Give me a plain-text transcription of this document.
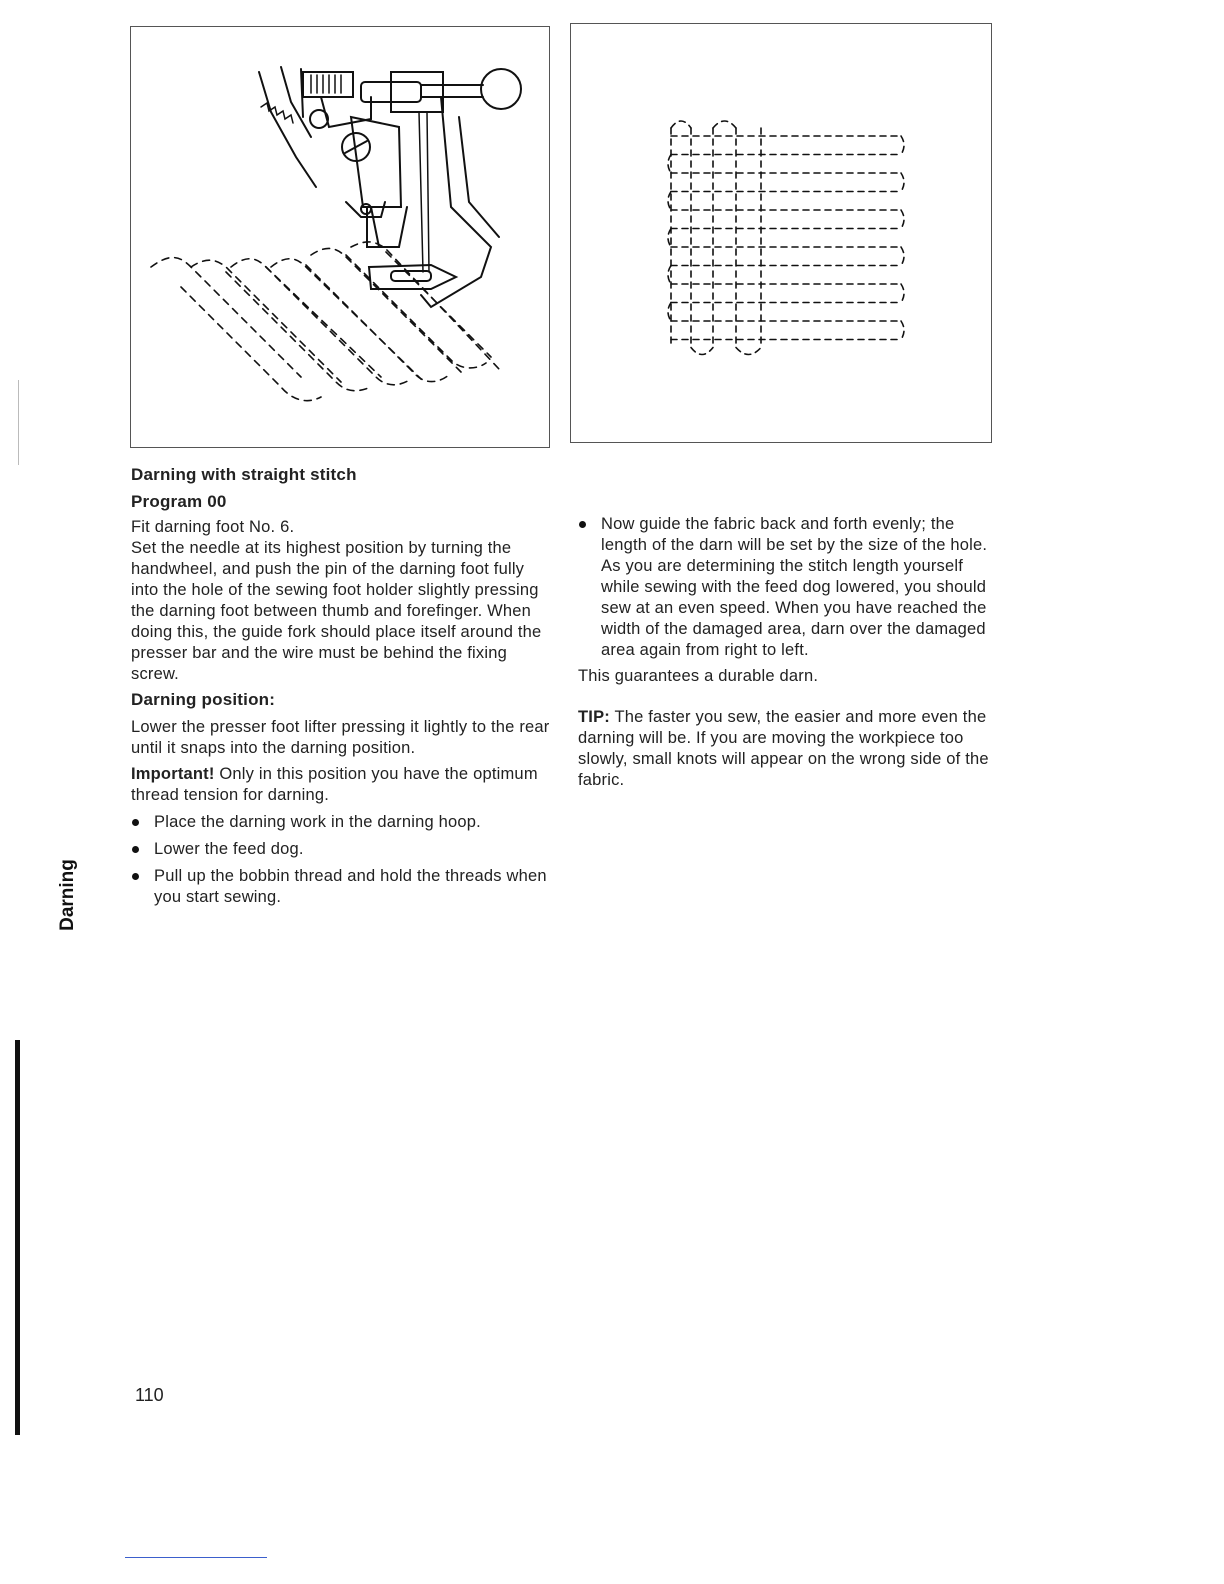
Darning with straight stitch

Program 00

Fit darning foot No. 6.

Set the needle at its highest position by turning the handwheel, and push the pin of the darning foot fully into the hole of the sewing foot holder slightly pressing the darning foot between thumb and forefinger. When doing this, the guide fork should place itself around the presser bar and the wire must be behind the fixing screw.

Darning position:

Lower the presser foot lifter pressing it lightly to the rear until it snaps into the darning position.

Important! Only in this position you have the optimum thread tension for darning.

Place the darning work in the darning hoop.
Lower the feed dog.
Pull up the bobbin thread and hold the threads when you start sewing.
Now guide the fabric back and forth evenly; the length of the darn will be set by the size of the hole. As you are determining the stitch length yourself while sewing with the feed dog lowered, you should sew at an even speed. When you have reached the width of the damaged area, darn over the damaged area again from right to left.

This guarantees a durable darn.

TIP: The faster you sew, the easier and more even the darning will be. If you are moving the workpiece too slowly, small knots will appear on the wrong side of the fabric.

Darning
110
